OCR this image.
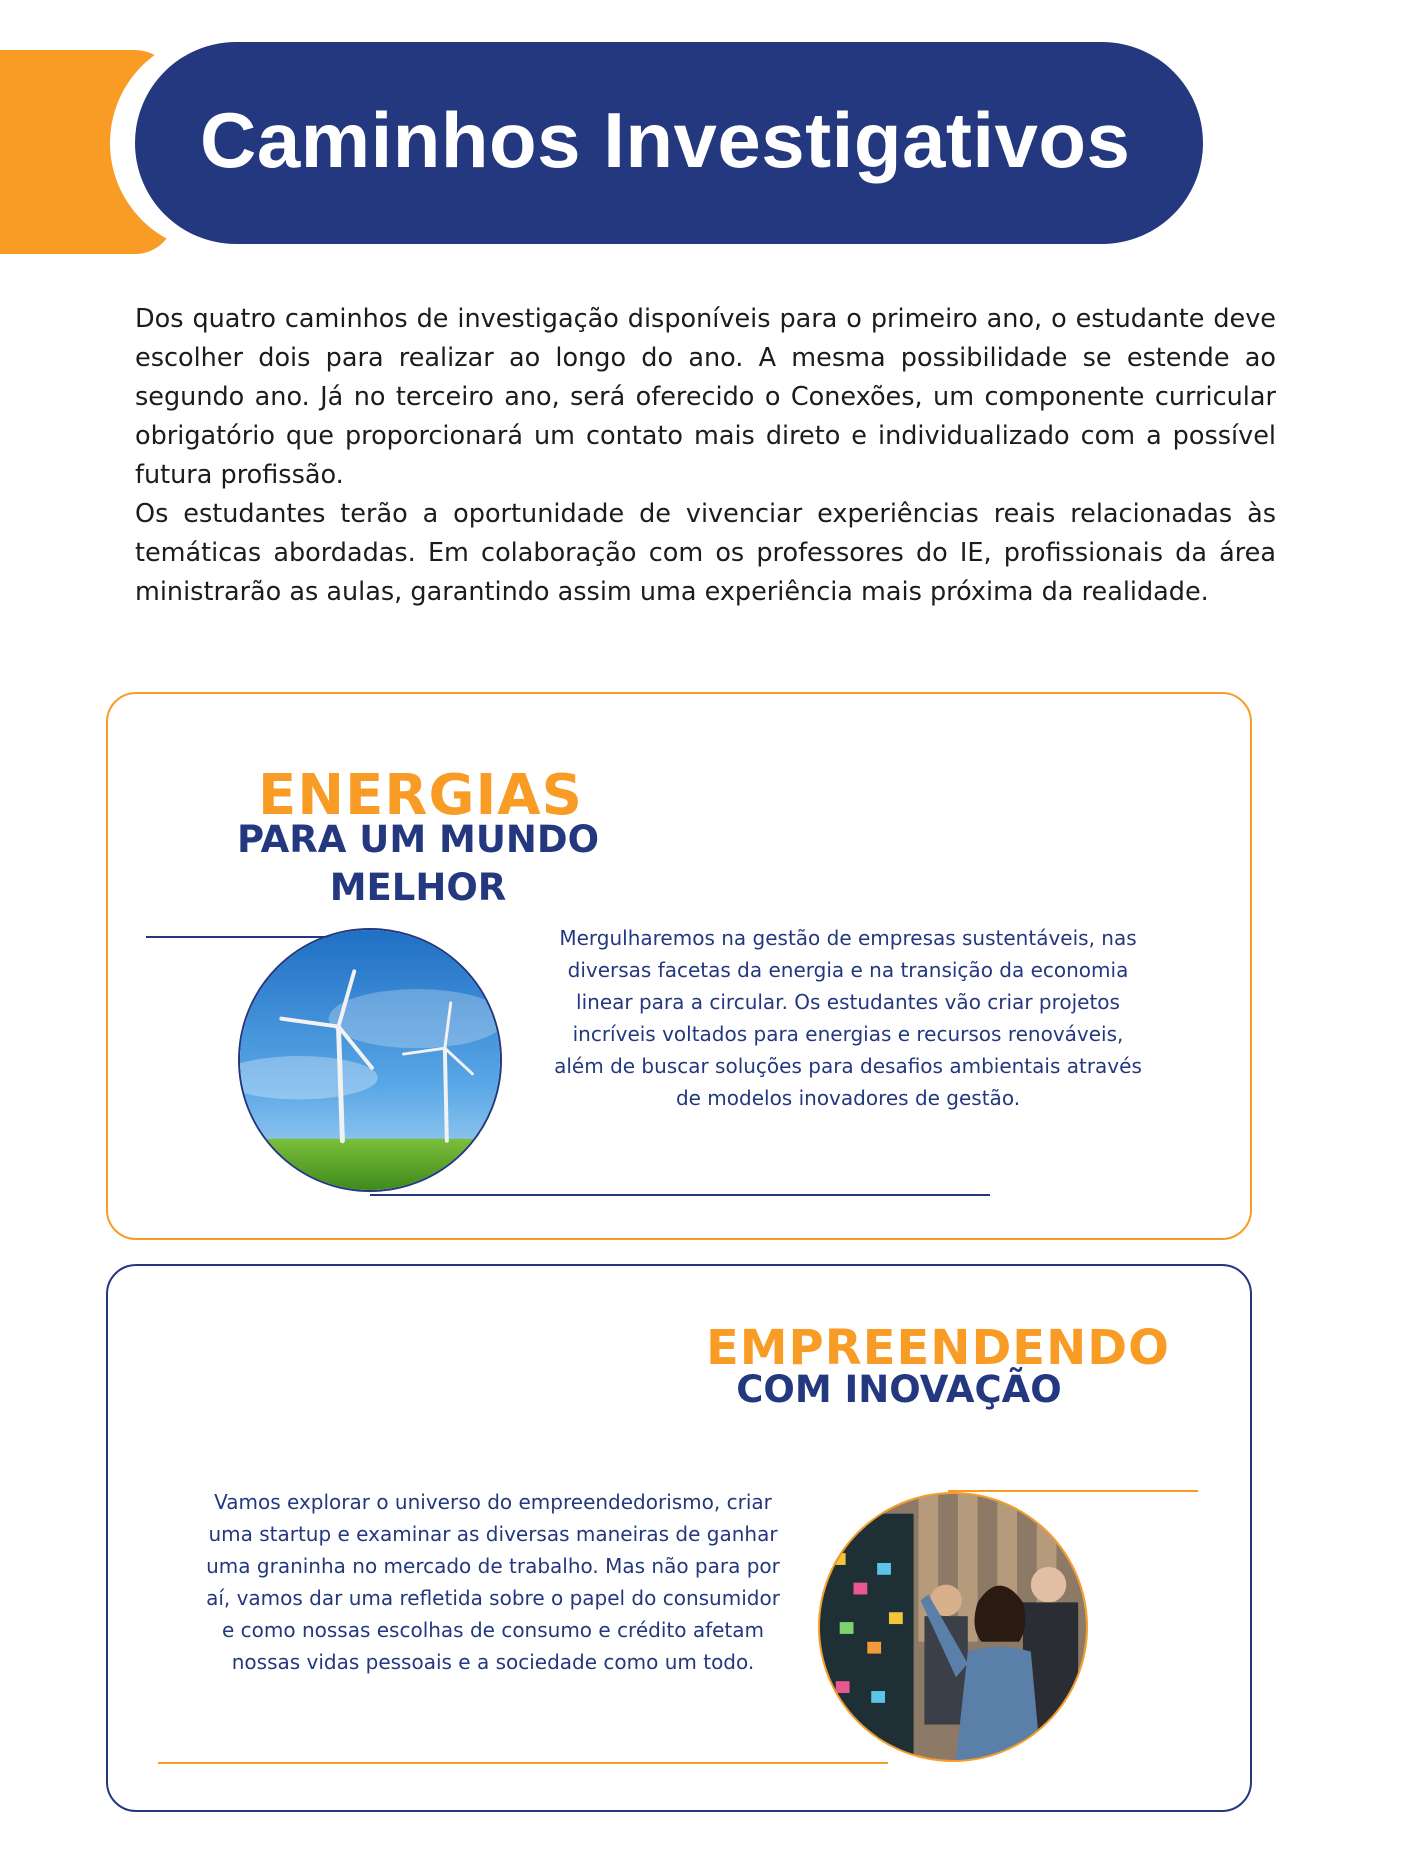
Caminhos Investigativos

Dos quatro caminhos de investigação disponíveis para o primeiro ano, o estudante deve escolher dois para realizar ao longo do ano. A mesma possibilidade se estende ao segundo ano. Já no terceiro ano, será oferecido o Conexões, um componente curricular obrigatório que proporcionará um contato mais direto e individualizado com a possível futura profissão.

Os estudantes terão a oportunidade de vivenciar experiências reais relacionadas às temáticas abordadas. Em colaboração com os professores do IE, profissionais da área ministrarão as aulas, garantindo assim uma experiência mais próxima da realidade.

ENERGIAS
PARA UM MUNDO MELHOR

Mergulharemos na gestão de empresas sustentáveis, nas diversas facetas da energia e na transição da economia linear para a circular. Os estudantes vão criar projetos incríveis voltados para energias e recursos renováveis, além de buscar soluções para desafios ambientais através de modelos inovadores de gestão.

EMPREENDENDO
COM INOVAÇÃO

Vamos explorar o universo do empreendedorismo, criar uma startup e examinar as diversas maneiras de ganhar uma graninha no mercado de trabalho. Mas não para por aí, vamos dar uma refletida sobre o papel do consumidor e como nossas escolhas de consumo e crédito afetam nossas vidas pessoais e a sociedade como um todo.
